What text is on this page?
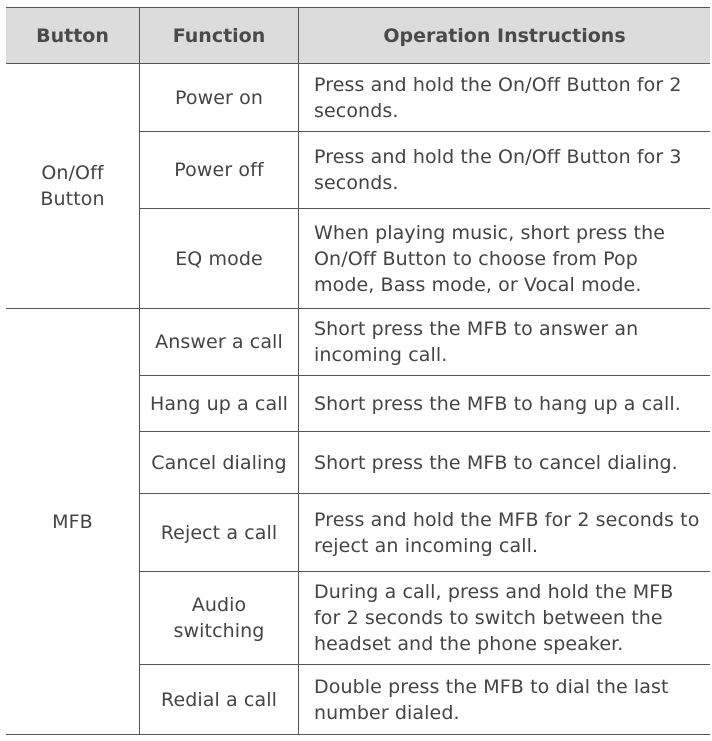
Button	Function	Operation Instructions

On/Off Button	Power on	Press and hold the On/Off Button for 2 seconds.

	Power off	Press and hold the On/Off Button for 3 seconds.

	EQ mode	When playing music, short press the On/Off Button to choose from Pop mode, Bass mode, or Vocal mode.

MFB	Answer a call	Short press the MFB to answer an incoming call.

	Hang up a call	Short press the MFB to hang up a call.

	Cancel dialing	Short press the MFB to cancel dialing.

	Reject a call	Press and hold the MFB for 2 seconds to reject an incoming call.

	Audio switching	During a call, press and hold the MFB for 2 seconds to switch between the headset and the phone speaker.

	Redial a call	Double press the MFB to dial the last number dialed.
